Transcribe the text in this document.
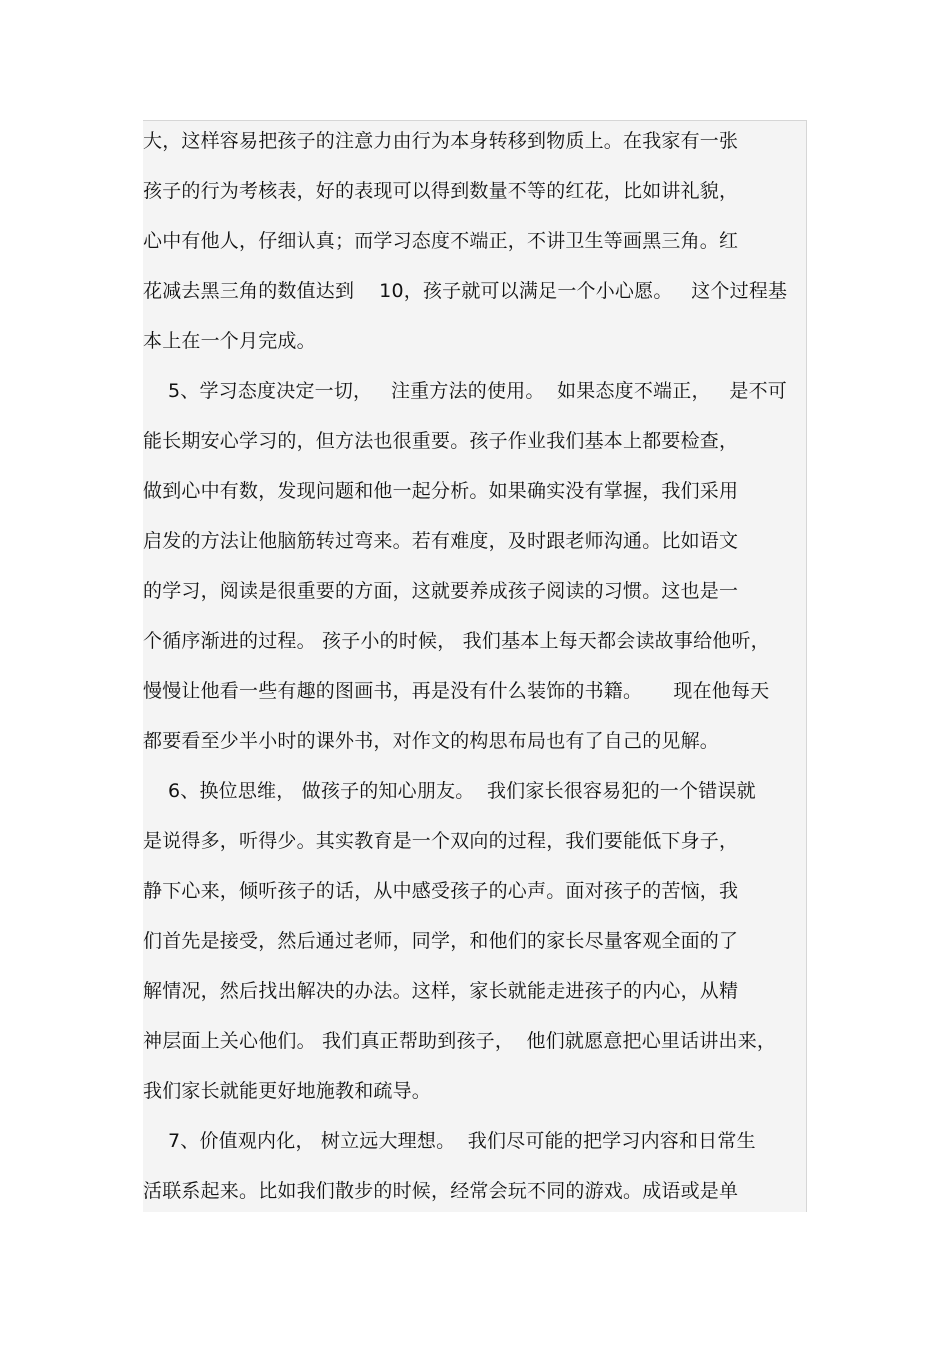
大，这样容易把孩子的注意力由行为本身转移到物质上。在我家有一张
孩子的行为考核表，好的表现可以得到数量不等的红花，比如讲礼貌，
心中有他人，仔细认真；而学习态度不端正，不讲卫生等画黑三角。红
花减去黑三角的数值达到    10，孩子就可以满足一个小心愿。   这个过程基
本上在一个月完成。
5、学习态度决定一切，   注重方法的使用。  如果态度不端正，   是不可
能长期安心学习的，但方法也很重要。孩子作业我们基本上都要检查，
做到心中有数，发现问题和他一起分析。如果确实没有掌握，我们采用
启发的方法让他脑筋转过弯来。若有难度，及时跟老师沟通。比如语文
的学习，阅读是很重要的方面，这就要养成孩子阅读的习惯。这也是一
个循序渐进的过程。 孩子小的时候， 我们基本上每天都会读故事给他听，
慢慢让他看一些有趣的图画书，再是没有什么装饰的书籍。     现在他每天
都要看至少半小时的课外书，对作文的构思布局也有了自己的见解。
6、换位思维， 做孩子的知心朋友。  我们家长很容易犯的一个错误就
是说得多，听得少。其实教育是一个双向的过程，我们要能低下身子，
静下心来，倾听孩子的话，从中感受孩子的心声。面对孩子的苦恼，我
们首先是接受，然后通过老师，同学，和他们的家长尽量客观全面的了
解情况，然后找出解决的办法。这样，家长就能走进孩子的内心，从精
神层面上关心他们。 我们真正帮助到孩子，  他们就愿意把心里话讲出来，
我们家长就能更好地施教和疏导。
7、价值观内化， 树立远大理想。  我们尽可能的把学习内容和日常生
活联系起来。比如我们散步的时候，经常会玩不同的游戏。成语或是单
